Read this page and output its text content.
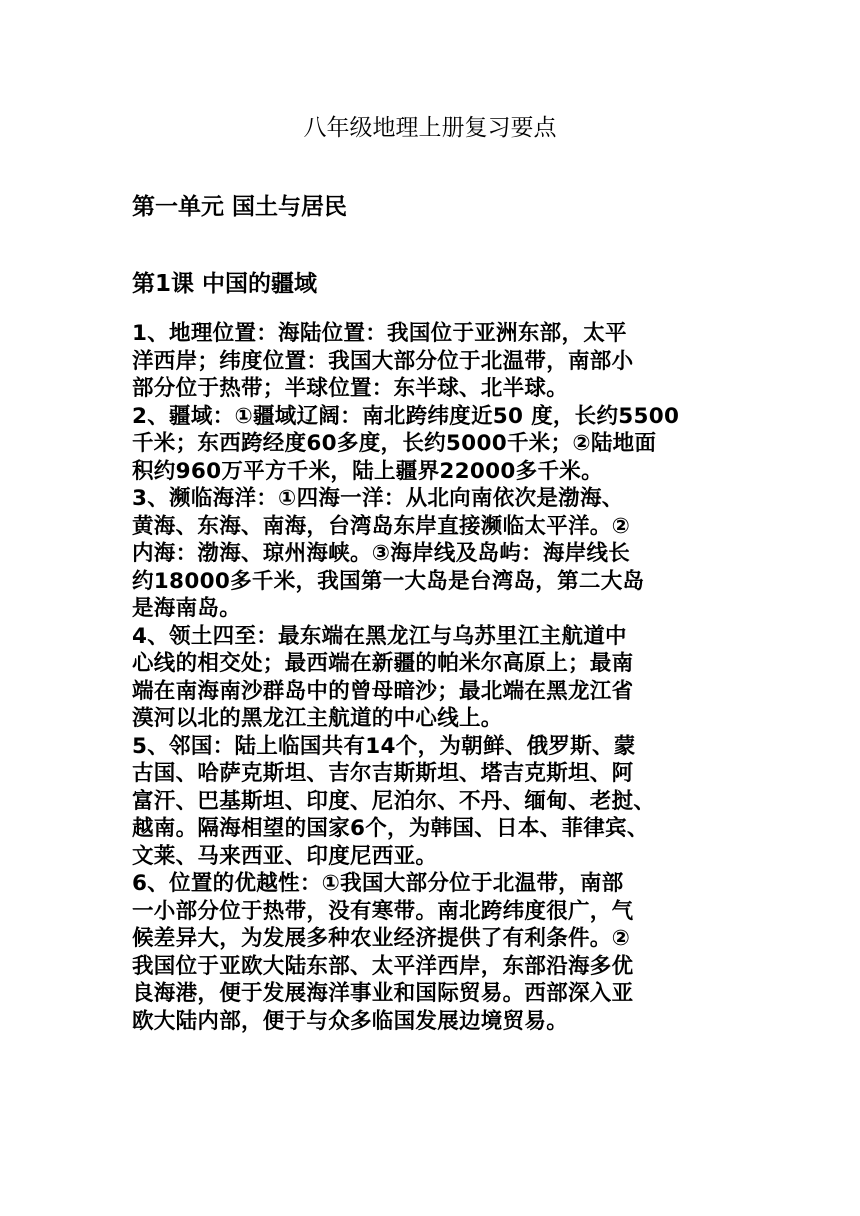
八年级地理上册复习要点
第一单元 国土与居民
第1课 中国的疆域
1、地理位置：海陆位置：我国位于亚洲东部，太平
洋西岸；纬度位置：我国大部分位于北温带，南部小
部分位于热带；半球位置：东半球、北半球。
2、疆域：①疆域辽阔：南北跨纬度近50 度，长约5500
千米；东西跨经度60多度，长约5000千米；②陆地面
积约960万平方千米，陆上疆界22000多千米。
3、濒临海洋：①四海一洋：从北向南依次是渤海、
黄海、东海、南海，台湾岛东岸直接濒临太平洋。②
内海：渤海、琼州海峡。③海岸线及岛屿：海岸线长
约18000多千米，我国第一大岛是台湾岛，第二大岛
是海南岛。
4、领土四至：最东端在黑龙江与乌苏里江主航道中
心线的相交处；最西端在新疆的帕米尔高原上；最南
端在南海南沙群岛中的曾母暗沙；最北端在黑龙江省
漠河以北的黑龙江主航道的中心线上。
5、邻国：陆上临国共有14个，为朝鲜、俄罗斯、蒙
古国、哈萨克斯坦、吉尔吉斯斯坦、塔吉克斯坦、阿
富汗、巴基斯坦、印度、尼泊尔、不丹、缅甸、老挝、
越南。隔海相望的国家6个，为韩国、日本、菲律宾、
文莱、马来西亚、印度尼西亚。
6、位置的优越性：①我国大部分位于北温带，南部
一小部分位于热带，没有寒带。南北跨纬度很广，气
候差异大，为发展多种农业经济提供了有利条件。②
我国位于亚欧大陆东部、太平洋西岸，东部沿海多优
良海港，便于发展海洋事业和国际贸易。西部深入亚
欧大陆内部，便于与众多临国发展边境贸易。
